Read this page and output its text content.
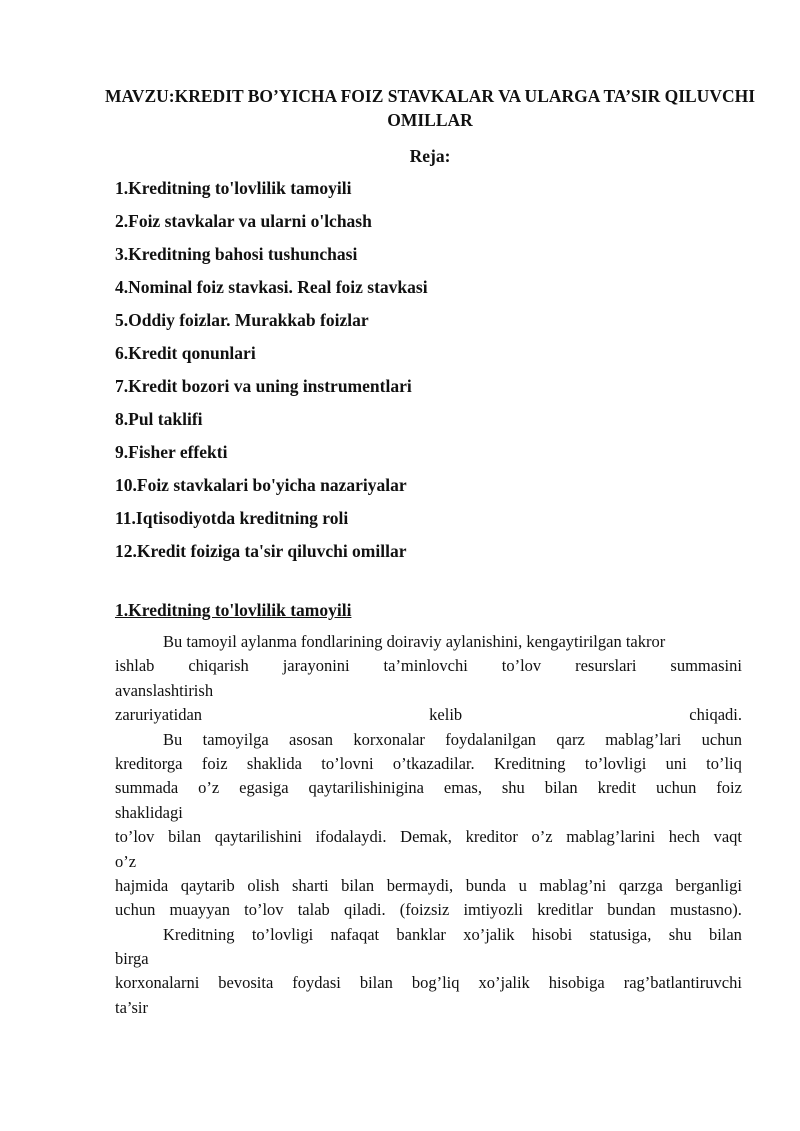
MAVZU:KREDIT BO’YICHA FOIZ STAVKALAR VA ULARGA TA’SIR QILUVCHI OMILLAR
Reja:
1.Kreditning to'lovlilik tamoyili
2.Foiz stavkalar va ularni o'lchash
3.Kreditning bahosi tushunchasi
4.Nominal foiz stavkasi. Real foiz stavkasi
5.Oddiy foizlar. Murakkab foizlar
6.Kredit qonunlari
7.Kredit bozori va uning instrumentlari
8.Pul taklifi
9.Fisher effekti
10.Foiz stavkalari bo'yicha nazariyalar
11.Iqtisodiyotda kreditning roli
12.Kredit foiziga ta'sir qiluvchi omillar
1.Kreditning to'lovlilik tamoyili
Bu tamoyil aylanma fondlarining doiraviy aylanishini, kengaytirilgan takror
ishlab chiqarish jarayonini ta’minlovchi to’lov resurslari summasini
avanslashtirish
zaruriyatidan	kelib	chiqadi.
Bu tamoyilga asosan korxonalar foydalanilgan qarz mablag’lari uchun
kreditorga foiz shaklida to’lovni o’tkazadilar. Kreditning to’lovligi uni to’liq
summada o’z egasiga qaytarilishinigina emas, shu bilan kredit uchun foiz
shaklidagi
to’lov bilan qaytarilishini ifodalaydi. Demak, kreditor o’z mablag’larini hech vaqt
o’z
hajmida qaytarib olish sharti bilan bermaydi, bunda u mablag’ni qarzga berganligi
uchun muayyan to’lov talab qiladi. (foizsiz imtiyozli kreditlar bundan mustasno).
Kreditning to’lovligi nafaqat banklar xo’jalik hisobi statusiga, shu bilan
birga
korxonalarni bevosita foydasi bilan bog’liq xo’jalik hisobiga rag’batlantiruvchi
ta’sir
